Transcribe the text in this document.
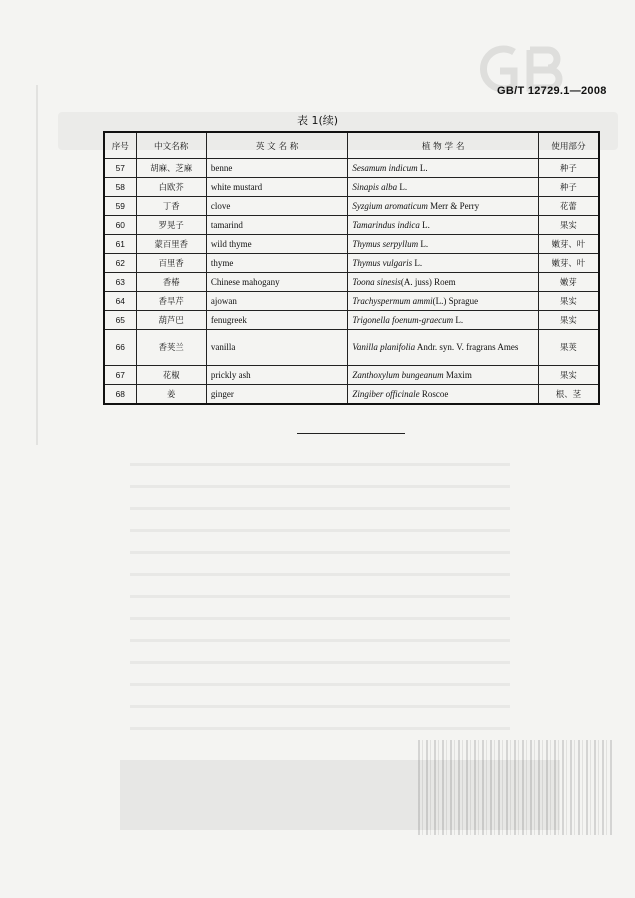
GB/T 12729.1—2008
表 1(续)
序号	中文名称	英 文 名 称	植 物 学 名	使用部分
57	胡麻、芝麻	benne	Sesamum indicum L.	种子
58	白欧芥	white mustard	Sinapis alba L.	种子
59	丁香	clove	Syzgium aromaticum Merr & Perry	花蕾
60	罗晃子	tamarind	Tamarindus indica L.	果实
61	蒙百里香	wild thyme	Thymus serpyllum L.	嫩芽、叶
62	百里香	thyme	Thymus vulgaris L.	嫩芽、叶
63	香椿	Chinese mahogany	Toona sinesis(A. juss) Roem	嫩芽
64	香旱芹	ajowan	Trachyspermum ammi(L.) Sprague	果实
65	葫芦巴	fenugreek	Trigonella foenum-graecum L.	果实
66	香荚兰	vanilla	Vanilla planifolia Andr. syn. V. fragrans Ames	果荚
67	花椒	prickly ash	Zanthoxylum bungeanum Maxim	果实
68	姜	ginger	Zingiber officinale Roscoe	根、茎
